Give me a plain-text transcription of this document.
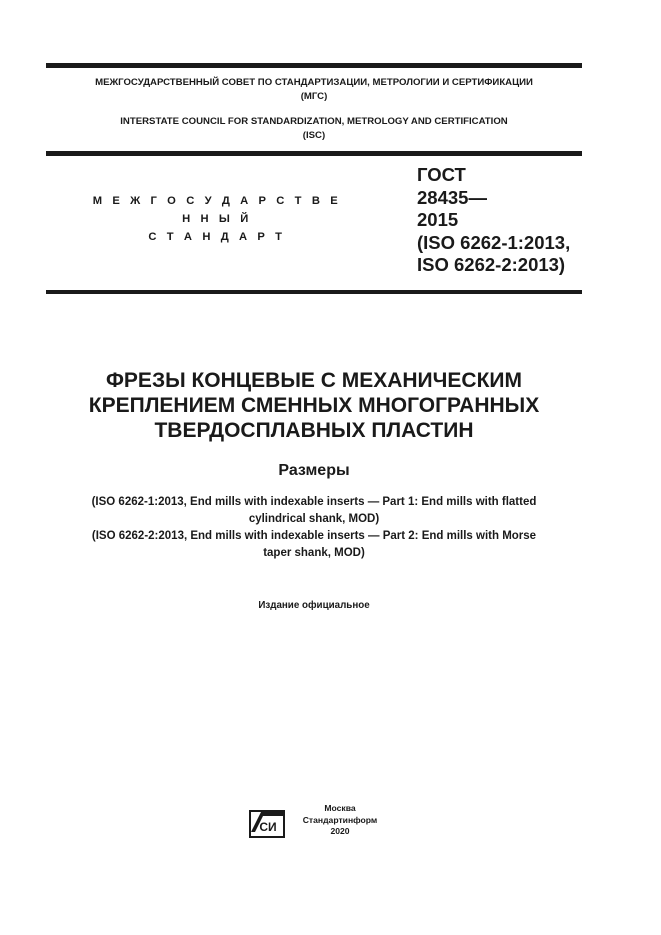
МЕЖГОСУДАРСТВЕННЫЙ СОВЕТ ПО СТАНДАРТИЗАЦИИ, МЕТРОЛОГИИ И СЕРТИФИКАЦИИ
(МГС)
INTERSTATE COUNCIL FOR STANDARDIZATION, METROLOGY AND CERTIFICATION
(ISC)
М Е Ж Г О С У Д А Р С Т В Е Н Н Ы Й
С Т А Н Д А Р Т
ГОСТ
28435—
2015
(ISO 6262-1:2013,
ISO 6262-2:2013)
ФРЕЗЫ КОНЦЕВЫЕ С МЕХАНИЧЕСКИМ
КРЕПЛЕНИЕМ СМЕННЫХ МНОГОГРАННЫХ
ТВЕРДОСПЛАВНЫХ ПЛАСТИН
Размеры
(ISO 6262-1:2013, End mills with indexable inserts — Part 1: End mills with flatted
cylindrical shank, MOD)
(ISO 6262-2:2013, End mills with indexable inserts — Part 2: End mills with Morse
taper shank, MOD)
Издание официальное
СИ
Москва
Стандартинформ
2020
